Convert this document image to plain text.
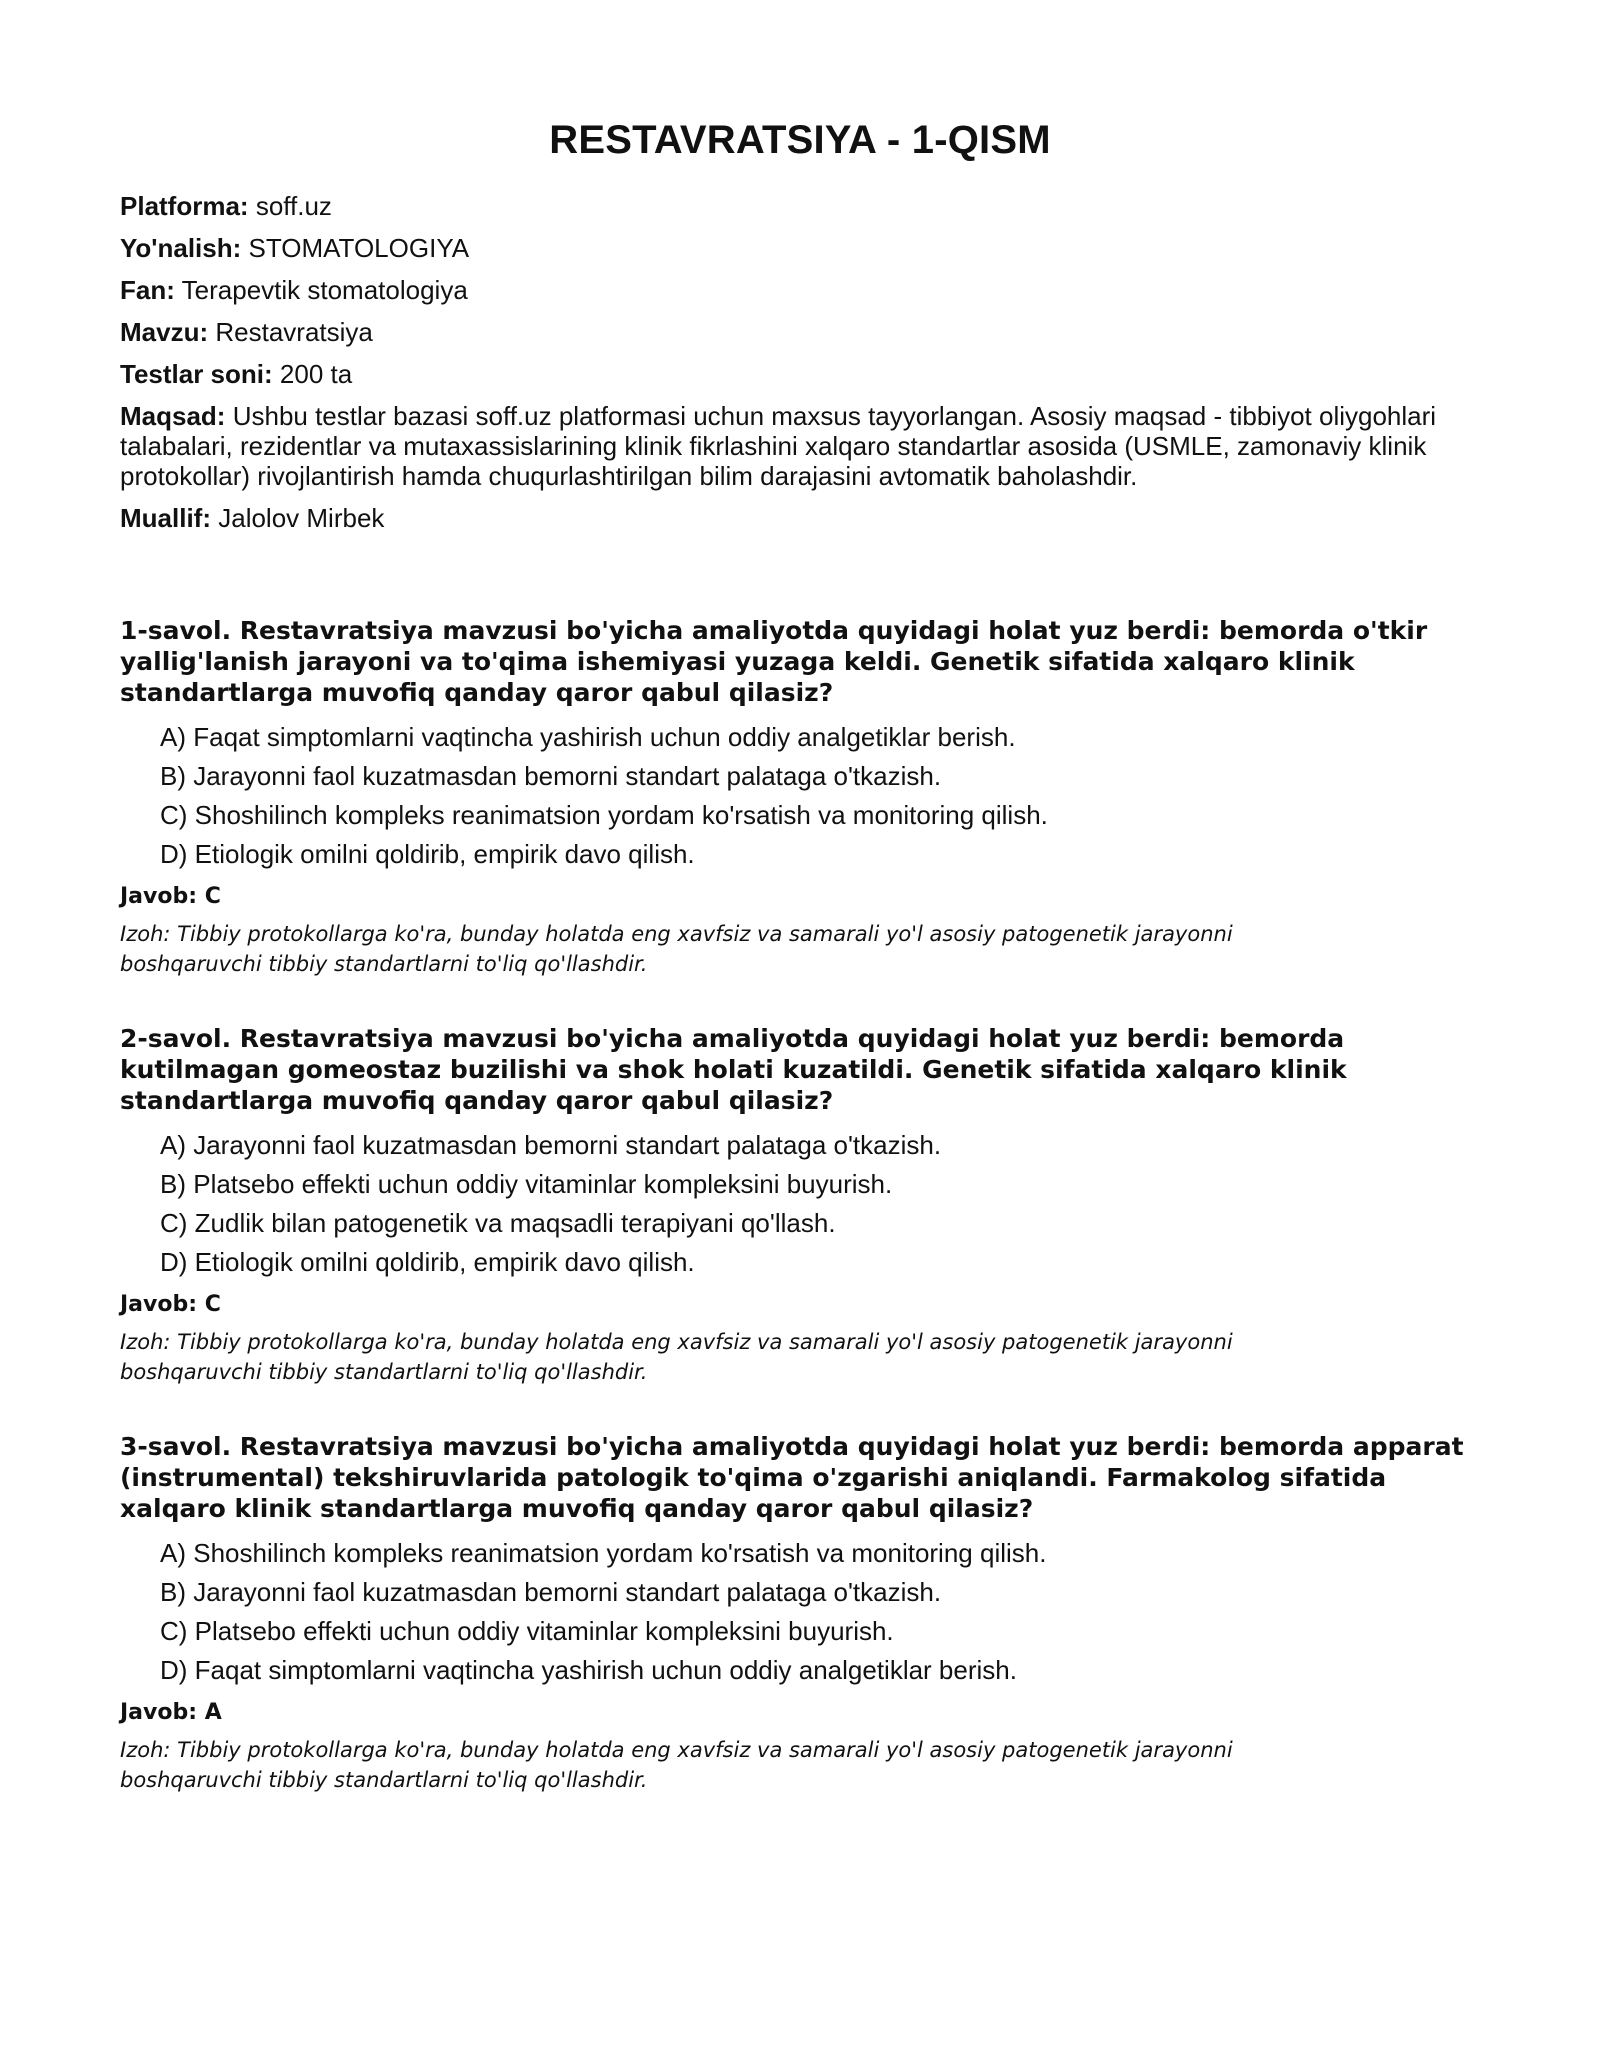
RESTAVRATSIYA - 1-QISM
Platforma: soff.uz
Yo'nalish: STOMATOLOGIYA
Fan: Terapevtik stomatologiya
Mavzu: Restavratsiya
Testlar soni: 200 ta
Maqsad: Ushbu testlar bazasi soff.uz platformasi uchun maxsus tayyorlangan. Asosiy maqsad - tibbiyot oliygohlari talabalari, rezidentlar va mutaxassislarining klinik fikrlashini xalqaro standartlar asosida (USMLE, zamonaviy klinik protokollar) rivojlantirish hamda chuqurlashtirilgan bilim darajasini avtomatik baholashdir.
Muallif: Jalolov Mirbek
1-savol. Restavratsiya mavzusi bo'yicha amaliyotda quyidagi holat yuz berdi: bemorda o'tkir yallig'lanish jarayoni va to'qima ishemiyasi yuzaga keldi. Genetik sifatida xalqaro klinik standartlarga muvofiq qanday qaror qabul qilasiz?
A) Faqat simptomlarni vaqtincha yashirish uchun oddiy analgetiklar berish.
B) Jarayonni faol kuzatmasdan bemorni standart palataga o'tkazish.
C) Shoshilinch kompleks reanimatsion yordam ko'rsatish va monitoring qilish.
D) Etiologik omilni qoldirib, empirik davo qilish.
Javob: C
Izoh: Tibbiy protokollarga ko'ra, bunday holatda eng xavfsiz va samarali yo'l asosiy patogenetik jarayonni boshqaruvchi tibbiy standartlarni to'liq qo'llashdir.
2-savol. Restavratsiya mavzusi bo'yicha amaliyotda quyidagi holat yuz berdi: bemorda kutilmagan gomeostaz buzilishi va shok holati kuzatildi. Genetik sifatida xalqaro klinik standartlarga muvofiq qanday qaror qabul qilasiz?
A) Jarayonni faol kuzatmasdan bemorni standart palataga o'tkazish.
B) Platsebo effekti uchun oddiy vitaminlar kompleksini buyurish.
C) Zudlik bilan patogenetik va maqsadli terapiyani qo'llash.
D) Etiologik omilni qoldirib, empirik davo qilish.
Javob: C
Izoh: Tibbiy protokollarga ko'ra, bunday holatda eng xavfsiz va samarali yo'l asosiy patogenetik jarayonni boshqaruvchi tibbiy standartlarni to'liq qo'llashdir.
3-savol. Restavratsiya mavzusi bo'yicha amaliyotda quyidagi holat yuz berdi: bemorda apparat (instrumental) tekshiruvlarida patologik to'qima o'zgarishi aniqlandi. Farmakolog sifatida xalqaro klinik standartlarga muvofiq qanday qaror qabul qilasiz?
A) Shoshilinch kompleks reanimatsion yordam ko'rsatish va monitoring qilish.
B) Jarayonni faol kuzatmasdan bemorni standart palataga o'tkazish.
C) Platsebo effekti uchun oddiy vitaminlar kompleksini buyurish.
D) Faqat simptomlarni vaqtincha yashirish uchun oddiy analgetiklar berish.
Javob: A
Izoh: Tibbiy protokollarga ko'ra, bunday holatda eng xavfsiz va samarali yo'l asosiy patogenetik jarayonni boshqaruvchi tibbiy standartlarni to'liq qo'llashdir.
